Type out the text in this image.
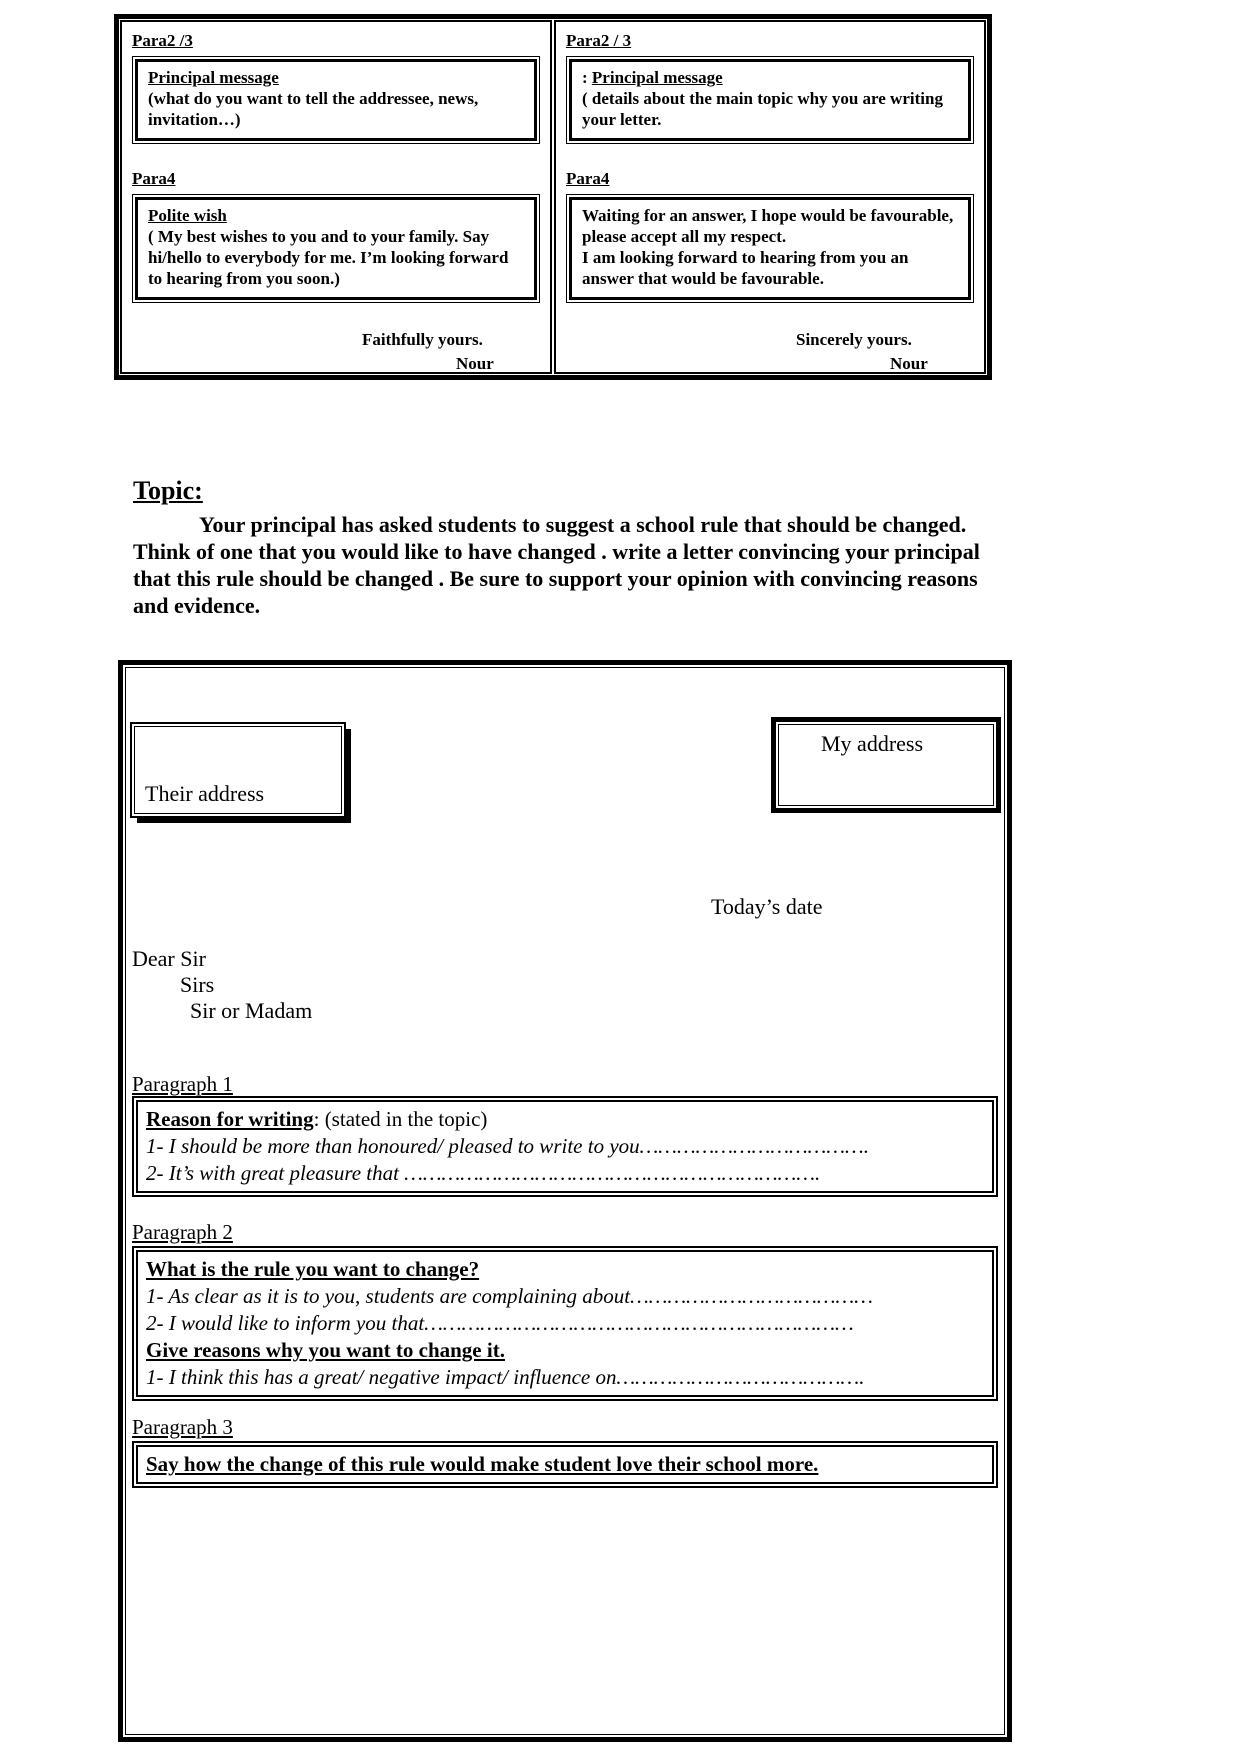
Para2 /3
Principal message
(what do you want to tell the addressee, news, invitation…)
Para4
Polite wish
( My best wishes to you and to your family. Say hi/hello to everybody for me. I’m looking forward to hearing from you soon.)
Faithfully yours.
Nour
Para2 / 3
: Principal message
( details about the main topic why you are writing your letter.
Para4
Waiting for an answer, I hope would be favourable, please accept all my respect.
I am looking forward to hearing from you an answer that would be favourable.
Sincerely yours.
Nour
Topic:
Your principal has asked students to suggest a school rule that should be changed. Think of one that you would like to have changed . write a letter convincing your principal that this rule should be changed . Be sure to support your opinion with convincing reasons and evidence.
Their address
My address
Today’s date
Dear Sir
Sirs
Sir or Madam
Paragraph 1
Reason for writing: (stated in the topic)
1- I should be more than honoured/ pleased to write to you……………………………….
2- It’s with great pleasure that ………………………………………………………….
Paragraph 2
What is the rule you want to change?
1- As clear as it is to you, students are complaining about…………………………………
2- I would like to inform you that……………………………………………………………
Give reasons why you want to change it.
1- I think this has a great/ negative impact/ influence on………………………………….
Paragraph 3
Say how the change of this rule would make student love their school more.
